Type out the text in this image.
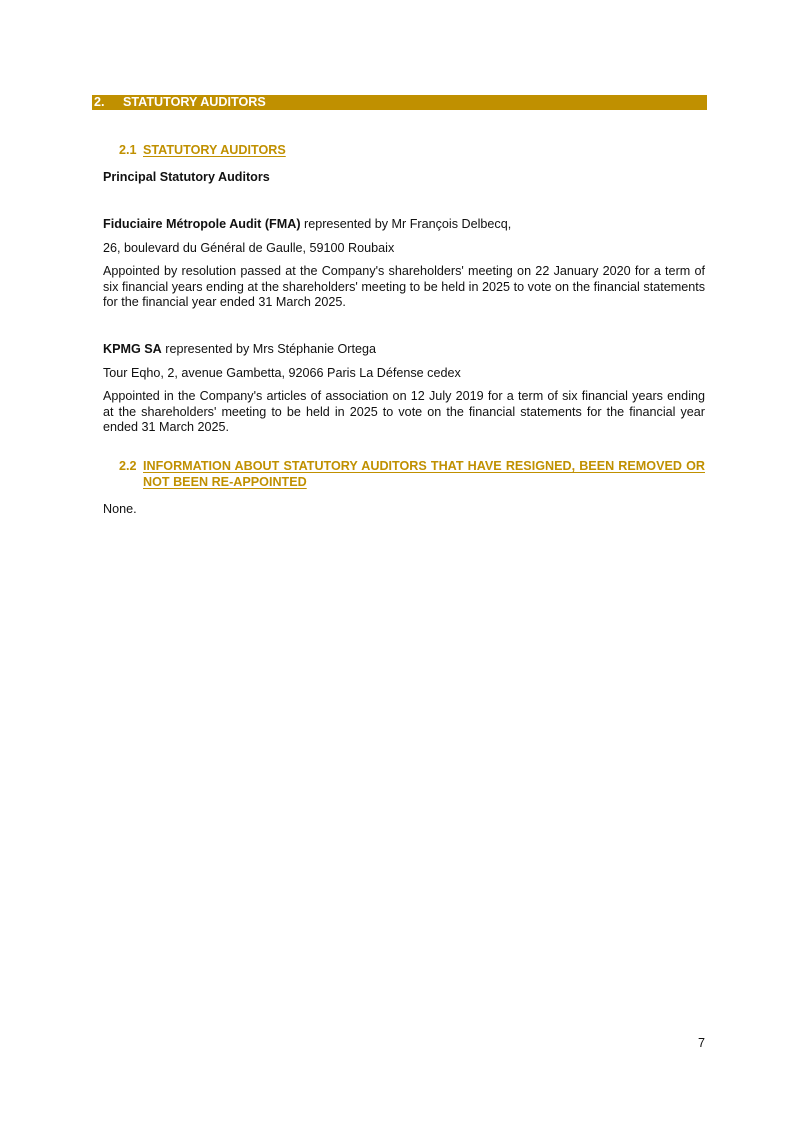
2. STATUTORY AUDITORS
2.1 STATUTORY AUDITORS
Principal Statutory Auditors
Fiduciaire Métropole Audit (FMA) represented by Mr François Delbecq,
26, boulevard du Général de Gaulle, 59100 Roubaix
Appointed by resolution passed at the Company's shareholders' meeting on 22 January 2020 for a term of six financial years ending at the shareholders' meeting to be held in 2025 to vote on the financial statements for the financial year ended 31 March 2025.
KPMG SA represented by Mrs Stéphanie Ortega
Tour Eqho, 2, avenue Gambetta, 92066 Paris La Défense cedex
Appointed in the Company's articles of association on 12 July 2019 for a term of six financial years ending at the shareholders' meeting to be held in 2025 to vote on the financial statements for the financial year ended 31 March 2025.
2.2 INFORMATION ABOUT STATUTORY AUDITORS THAT HAVE RESIGNED, BEEN REMOVED OR NOT BEEN RE-APPOINTED
None.
7
